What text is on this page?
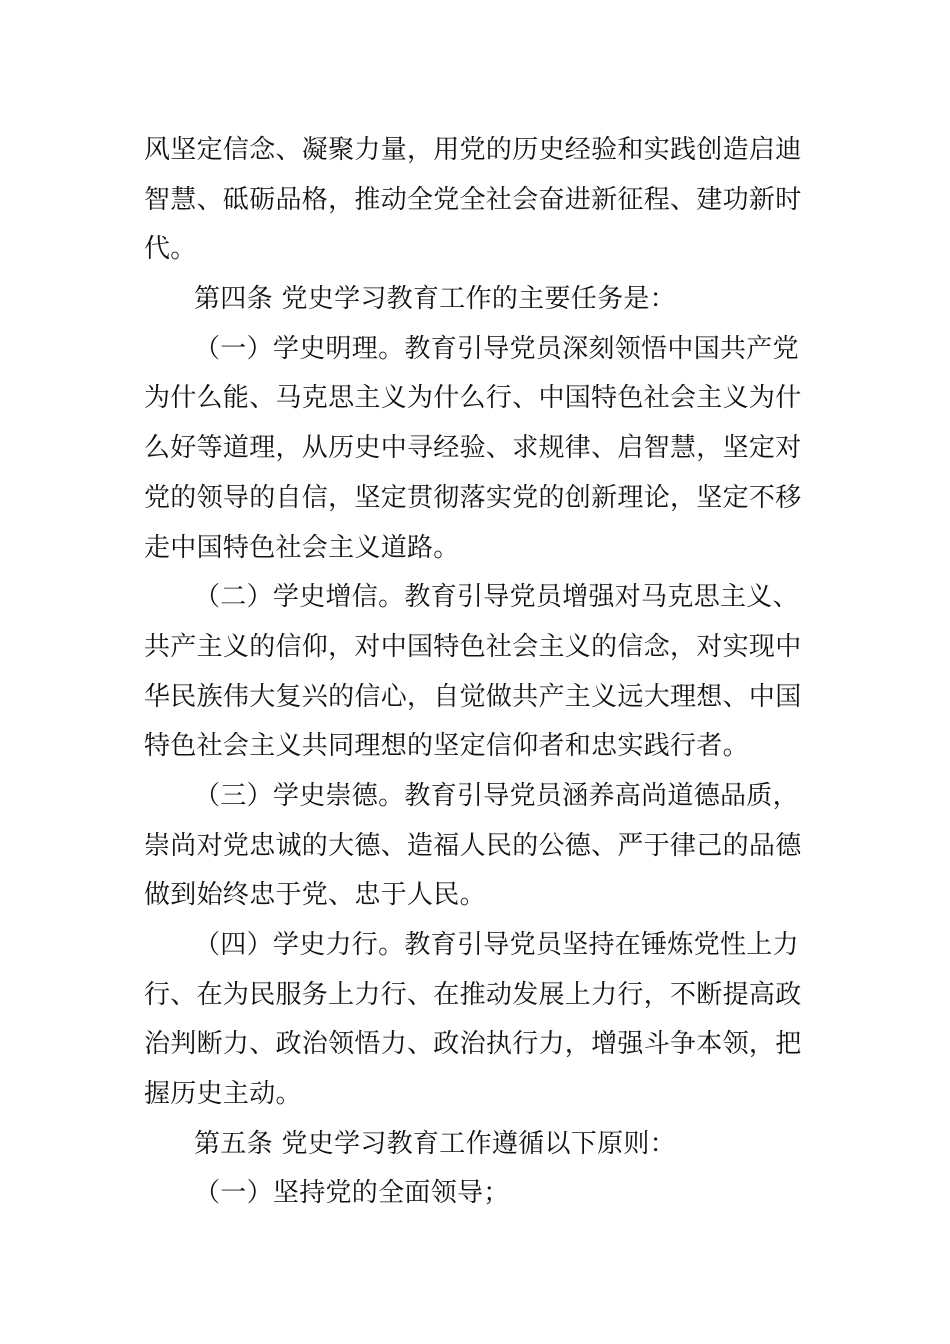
风坚定信念、凝聚力量，用党的历史经验和实践创造启迪
智慧、砥砺品格，推动全党全社会奋进新征程、建功新时
代。
第四条 党史学习教育工作的主要任务是：
（一）学史明理。教育引导党员深刻领悟中国共产党
为什么能、马克思主义为什么行、中国特色社会主义为什
么好等道理，从历史中寻经验、求规律、启智慧，坚定对
党的领导的自信，坚定贯彻落实党的创新理论，坚定不移
走中国特色社会主义道路。
（二）学史增信。教育引导党员增强对马克思主义、
共产主义的信仰，对中国特色社会主义的信念，对实现中
华民族伟大复兴的信心，自觉做共产主义远大理想、中国
特色社会主义共同理想的坚定信仰者和忠实践行者。
（三）学史崇德。教育引导党员涵养高尚道德品质，
崇尚对党忠诚的大德、造福人民的公德、严于律己的品德
做到始终忠于党、忠于人民。
（四）学史力行。教育引导党员坚持在锤炼党性上力
行、在为民服务上力行、在推动发展上力行，不断提高政
治判断力、政治领悟力、政治执行力，增强斗争本领，把
握历史主动。
第五条 党史学习教育工作遵循以下原则：
（一）坚持党的全面领导；
